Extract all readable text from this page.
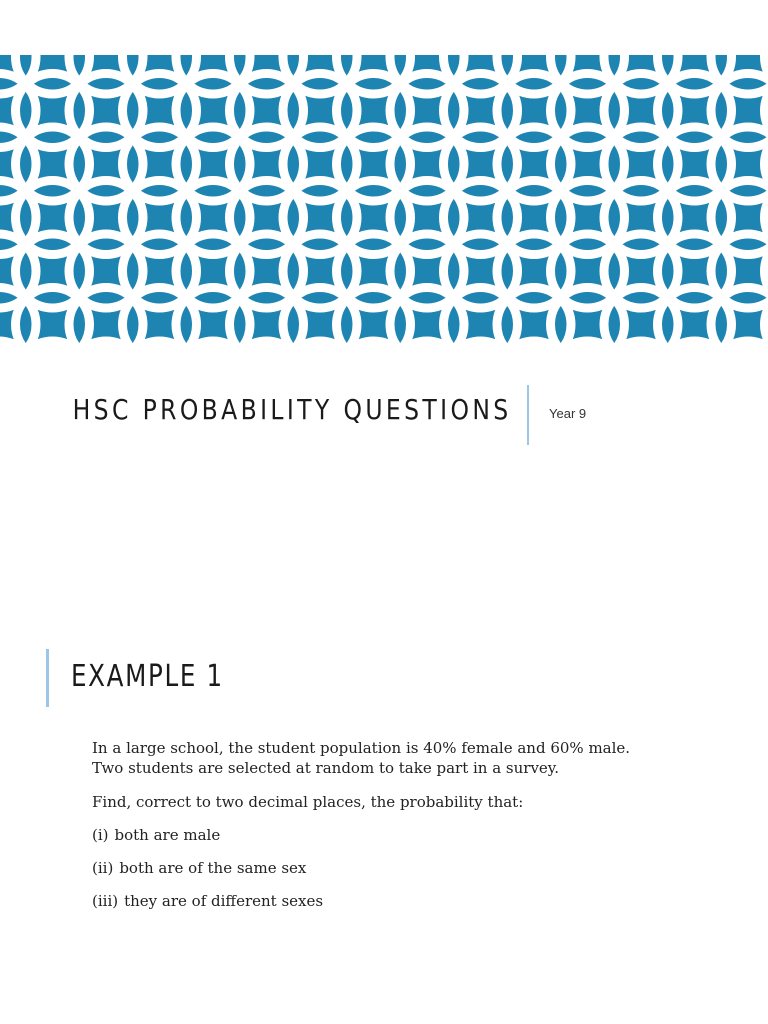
HSC PROBABILITY QUESTIONS	Year 9
EXAMPLE 1

In a large school, the student population is 40% female and 60% male. Two students are selected at random to take part in a survey.

Find, correct to two decimal places, the probability that:

(i) both are male
(ii) both are of the same sex
(iii) they are of different sexes
